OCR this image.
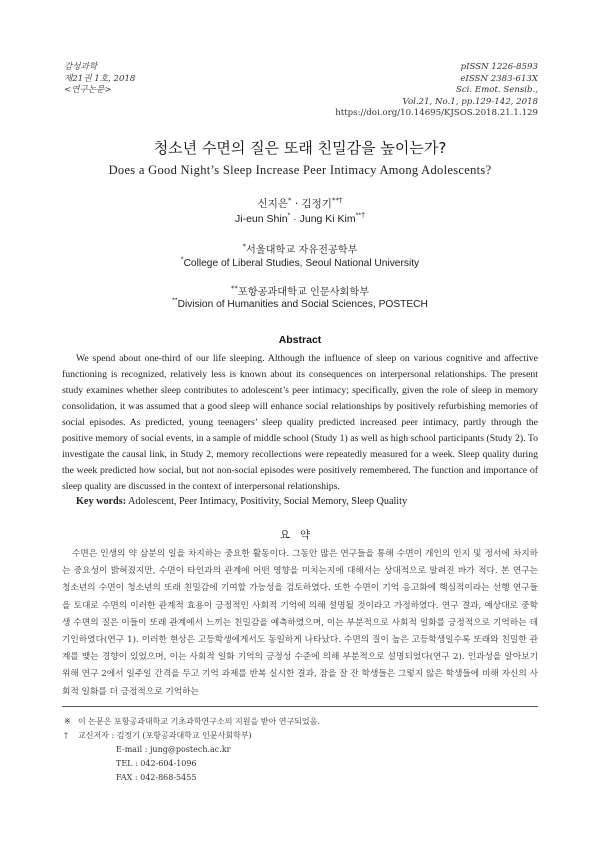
감성과학
제21권 1호, 2018
<연구논문>
pISSN 1226-8593
eISSN 2383-613X
Sci. Emot. Sensib.,
Vol.21, No.1, pp.129-142, 2018
https://doi.org/10.14695/KJSOS.2018.21.1.129
청소년 수면의 질은 또래 친밀감을 높이는가?
Does a Good Night’s Sleep Increase Peer Intimacy Among Adolescents?
신지은* · 김정기**†
Ji-eun Shin* · Jung Ki Kim**†
*서울대학교 자유전공학부
*College of Liberal Studies, Seoul National University
**포항공과대학교 인문사회학부
**Division of Humanities and Social Sciences, POSTECH
Abstract

We spend about one-third of our life sleeping. Although the influence of sleep on various cognitive and affective functioning is recognized, relatively less is known about its consequences on interpersonal relationships. The present study examines whether sleep contributes to adolescent’s peer intimacy; specifically, given the role of sleep in memory consolidation, it was assumed that a good sleep will enhance social relationships by positively refurbishing memories of social episodes. As predicted, young teenagers’ sleep quality predicted increased peer intimacy, partly through the positive memory of social events, in a sample of middle school (Study 1) as well as high school participants (Study 2). To investigate the causal link, in Study 2, memory recollections were repeatedly measured for a week. Sleep quality during the week predicted how social, but not non-social episodes were positively remembered. The function and importance of sleep quality are discussed in the context of interpersonal relationships.

Key words: Adolescent, Peer Intimacy, Positivity, Social Memory, Sleep Quality
요약

수면은 인생의 약 삼분의 일을 차지하는 중요한 활동이다. 그동안 많은 연구들을 통해 수면이 개인의 인지 및 정서에 차지하는 중요성이 밝혀졌지만, 수면이 타인과의 관계에 어떤 영향을 미치는지에 대해서는 상대적으로 알려진 바가 적다. 본 연구는 청소년의 수면이 청소년의 또래 친밀감에 기여할 가능성을 검토하였다. 또한 수면이 기억 응고화에 핵심적이라는 선행 연구들을 토대로 수면의 이러한 관계적 효용이 긍정적인 사회적 기억에 의해 설명될 것이라고 가정하였다. 연구 결과, 예상대로 중학생 수면의 질은 이들이 또래 관계에서 느끼는 친밀감을 예측하였으며, 이는 부분적으로 사회적 일화를 긍정적으로 기억하는 데 기인하였다(연구 1). 이러한 현상은 고등학생에게서도 동일하게 나타났다. 수면의 질이 높은 고등학생일수록 또래와 친밀한 관계를 맺는 경향이 있었으며, 이는 사회적 일화 기억의 긍정성 수준에 의해 부분적으로 설명되었다(연구 2). 인과성을 알아보기 위해 연구 2에서 일주일 간격을 두고 기억 과제를 반복 실시한 결과, 잠을 잘 잔 학생들은 그렇지 않은 학생들에 비해 자신의 사회적 일화를 더 긍정적으로 기억하는

※ 이 논문은 포항공과대학교 기초과학연구소의 지원을 받아 연구되었음.
† 교신저자 : 김정기 (포항공과대학교 인문사회학부)
E-mail : jung@postech.ac.kr
TEL : 042-604-1096
FAX : 042-868-5455
